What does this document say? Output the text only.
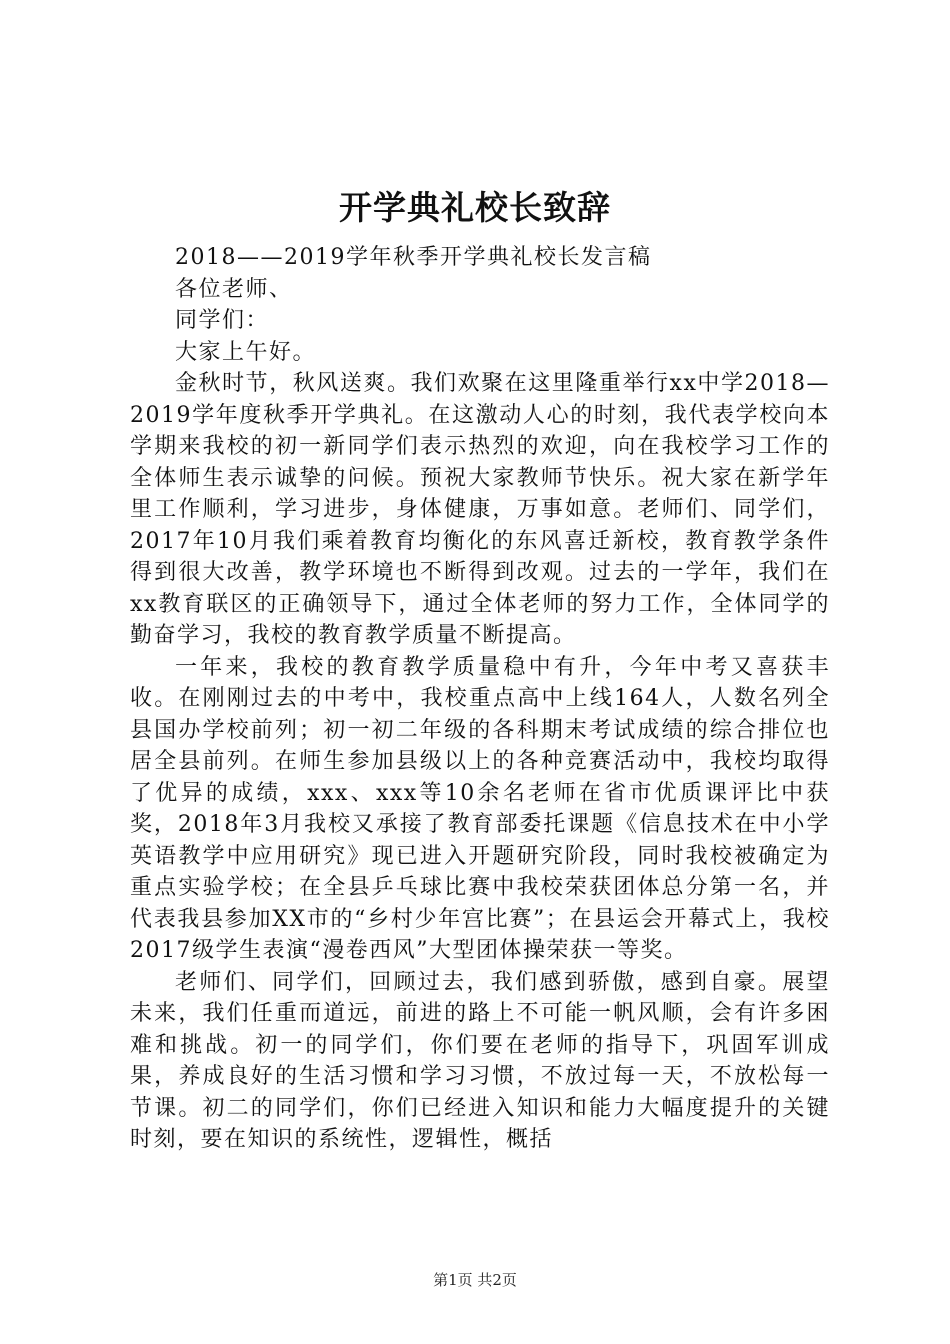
开学典礼校长致辞

2018——2019学年秋季开学典礼校长发言稿

各位老师、

同学们：

大家上午好。

金秋时节，秋风送爽。我们欢聚在这里隆重举行xx中学2018—2019学年度秋季开学典礼。在这激动人心的时刻，我代表学校向本学期来我校的初一新同学们表示热烈的欢迎，向在我校学习工作的全体师生表示诚挚的问候。预祝大家教师节快乐。祝大家在新学年里工作顺利，学习进步，身体健康，万事如意。老师们、同学们，2017年10月我们乘着教育均衡化的东风喜迁新校，教育教学条件得到很大改善，教学环境也不断得到改观。过去的一学年，我们在xx教育联区的正确领导下，通过全体老师的努力工作，全体同学的勤奋学习，我校的教育教学质量不断提高。

一年来，我校的教育教学质量稳中有升，今年中考又喜获丰收。在刚刚过去的中考中，我校重点高中上线164人，人数名列全县国办学校前列；初一初二年级的各科期末考试成绩的综合排位也居全县前列。在师生参加县级以上的各种竞赛活动中，我校均取得了优异的成绩，xxx、xxx等10余名老师在省市优质课评比中获奖，2018年3月我校又承接了教育部委托课题《信息技术在中小学英语教学中应用研究》现已进入开题研究阶段，同时我校被确定为重点实验学校；在全县乒乓球比赛中我校荣获团体总分第一名，并代表我县参加XX市的“乡村少年宫比赛”；在县运会开幕式上，我校2017级学生表演“漫卷西风”大型团体操荣获一等奖。

老师们、同学们，回顾过去，我们感到骄傲，感到自豪。展望未来，我们任重而道远，前进的路上不可能一帆风顺，会有许多困难和挑战。初一的同学们，你们要在老师的指导下，巩固军训成果，养成良好的生活习惯和学习习惯，不放过每一天，不放松每一节课。初二的同学们，你们已经进入知识和能力大幅度提升的关键时刻，要在知识的系统性，逻辑性，概括

第1页 共2页
